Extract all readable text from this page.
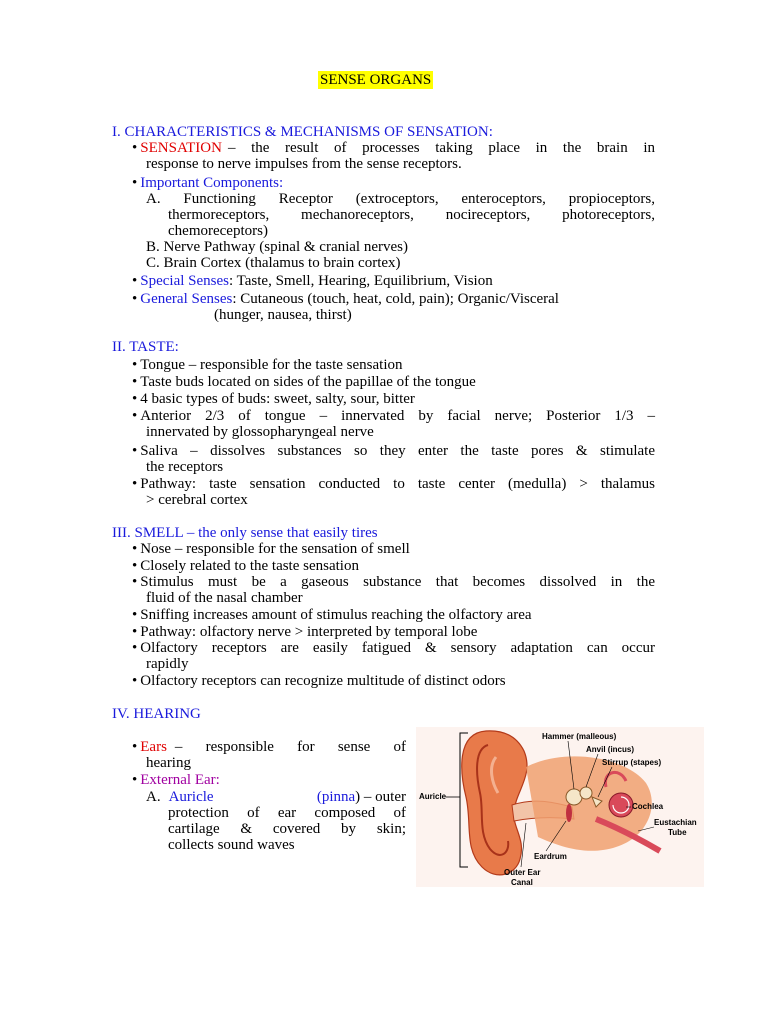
SENSE ORGANS
I. CHARACTERISTICS & MECHANISMS OF SENSATION:
• SENSATION – the result of processes taking place in the brain in
response to nerve impulses from the sense receptors.
• Important Components:
A. Functioning Receptor (extroceptors, enteroceptors, propioceptors,
thermoreceptors, mechanoreceptors, nocireceptors, photoreceptors,
chemoreceptors)
B. Nerve Pathway (spinal & cranial nerves)
C. Brain Cortex (thalamus to brain cortex)
• Special Senses: Taste, Smell, Hearing, Equilibrium, Vision
• General Senses: Cutaneous (touch, heat, cold, pain); Organic/Visceral
(hunger, nausea, thirst)
II. TASTE:
• Tongue – responsible for the taste sensation
• Taste buds located on sides of the papillae of the tongue
• 4 basic types of buds: sweet, salty, sour, bitter
•
Anterior 2/3 of tongue – innervated by facial nerve; Posterior 1/3 –
innervated by glossopharyngeal nerve
•
Saliva – dissolves substances so they enter the taste pores & stimulate
the receptors
•
Pathway: taste sensation conducted to taste center (medulla) > thalamus
> cerebral cortex
III. SMELL – the only sense that easily tires
• Nose – responsible for the sensation of smell
• Closely related to the taste sensation
•
Stimulus must be a gaseous substance that becomes dissolved in the
fluid of the nasal chamber
• Sniffing increases amount of stimulus reaching the olfactory area
• Pathway: olfactory nerve > interpreted by temporal lobe
•
Olfactory receptors are easily fatigued & sensory adaptation can occur
rapidly
• Olfactory receptors can recognize multitude of distinct odors
IV. HEARING
• Ears – responsible for sense of
hearing
• External Ear:
A. Auricle	(pinna) – outer
protection of ear composed of
cartilage & covered by skin;
collects sound waves
Hammer (malleous)
Anvil (incus)
Stirrup (stapes)
Auricle
Cochlea
Eustachian
Tube
Eardrum
Outer Ear
Canal
